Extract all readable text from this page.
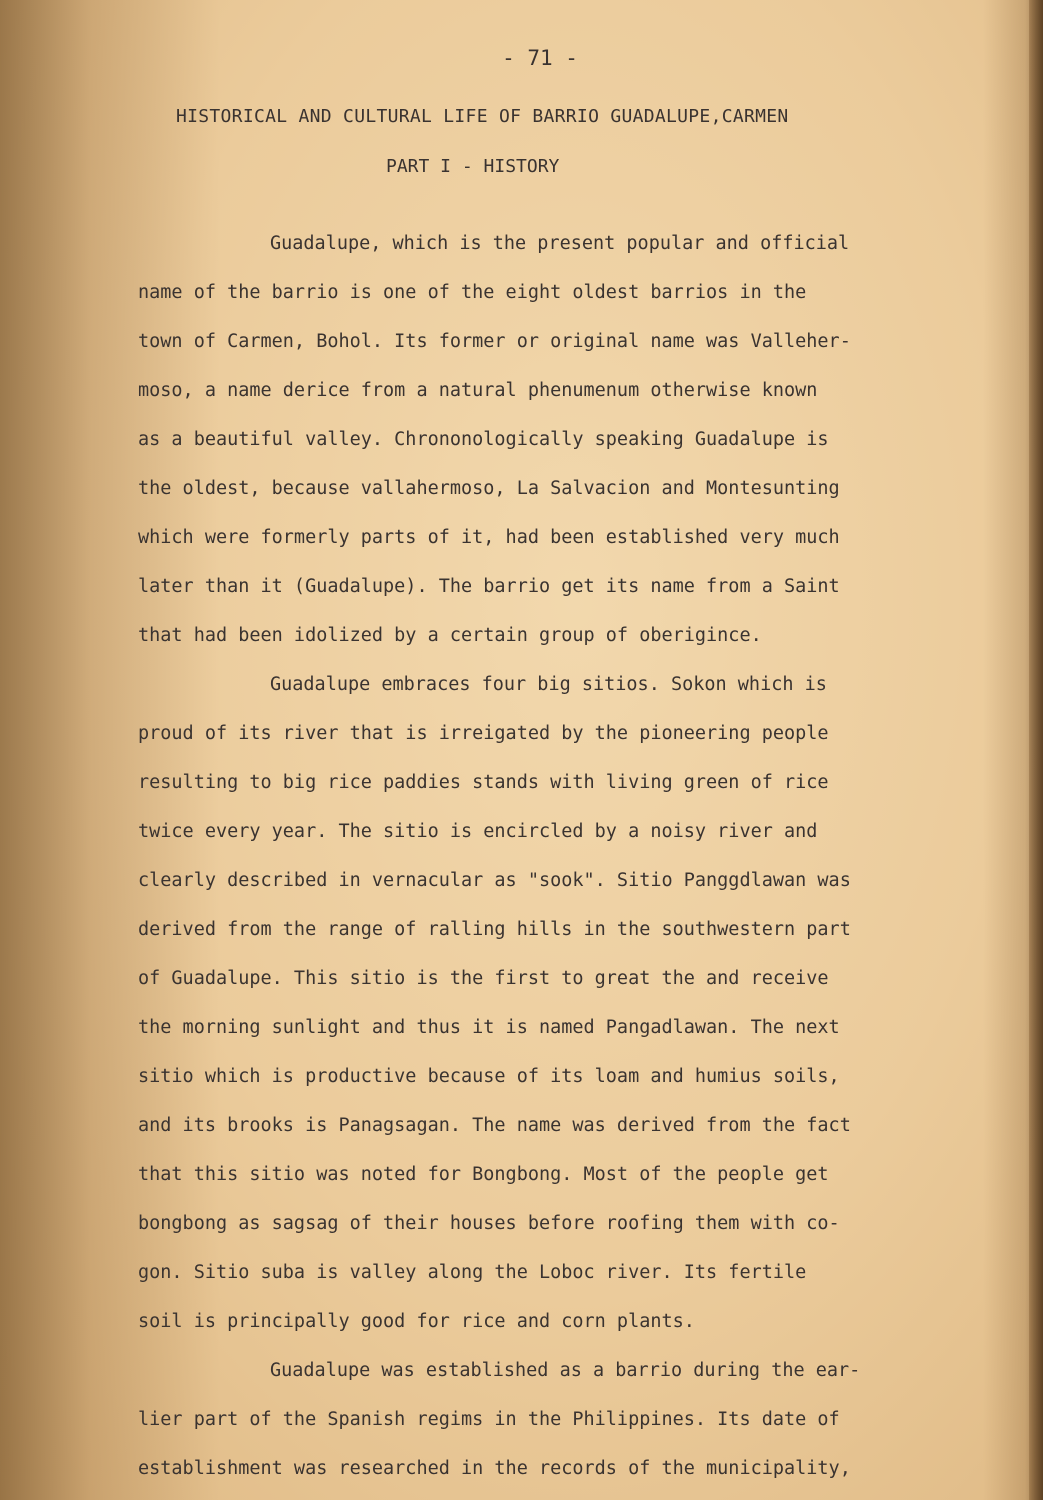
- 71 -
HISTORICAL AND CULTURAL LIFE OF BARRIO GUADALUPE,CARMEN
PART I - HISTORY
Guadalupe, which is the present popular and official
name of the barrio is one of the eight oldest barrios in the
town of Carmen, Bohol. Its former or original name was Valleher-
moso, a name derice from a natural phenumenum otherwise known
as a beautiful valley. Chrononologically speaking Guadalupe is
the oldest, because vallahermoso, La Salvacion and Montesunting
which were formerly parts of it, had been established very much
later than it (Guadalupe). The barrio get its name from a Saint
that had been idolized by a certain group of oberigince.
Guadalupe embraces four big sitios. Sokon which is
proud of its river that is irreigated by the pioneering people
resulting to big rice paddies stands with living green of rice
twice every year. The sitio is encircled by a noisy river and
clearly described in vernacular as "sook". Sitio Panggdlawan was
derived from the range of ralling hills in the southwestern part
of Guadalupe. This sitio is the first to great the and receive
the morning sunlight and thus it is named Pangadlawan. The next
sitio which is productive because of its loam and humius soils,
and its brooks is Panagsagan. The name was derived from the fact
that this sitio was noted for Bongbong. Most of the people get
bongbong as sagsag of their houses before roofing them with co-
gon. Sitio suba is valley along the Loboc river. Its fertile
soil is principally good for rice and corn plants.
Guadalupe was established as a barrio during the ear-
lier part of the Spanish regims in the Philippines. Its date of
establishment was researched in the records of the municipality,
